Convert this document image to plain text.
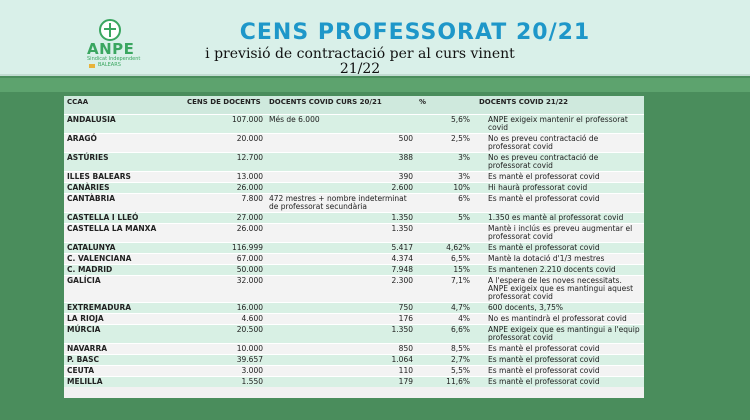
ANPE
Sindicat Independent
BALEARS
CENS PROFESSORAT 20/21
i previsió de contractació per al curs vinent 21/22
CCAA	CENS DE DOCENTS	DOCENTS COVID CURS 20/21	%	DOCENTS COVID 21/22
ANDALUSIA	107.000	Més de 6.000	5,6%	ANPE exigeix mantenir el professorat covid
ARAGÓ	20.000	500	2,5%	No es preveu contractació de professorat covid
ASTÚRIES	12.700	388	3%	No es preveu contractació de professorat covid
ILLES BALEARS	13.000	390	3%	Es mantè el professorat covid
CANÀRIES	26.000	2.600	10%	Hi haurà professorat covid
CANTÀBRIA	7.800	472 mestres + nombre indeterminat de professorat secundària	6%	Es mantè el professorat covid
CASTELLA I LLEÓ	27.000	1.350	5%	1.350 es mantè al professorat covid
CASTELLA LA MANXA	26.000	1.350		Mantè i inclús es preveu augmentar el professorat covid
CATALUNYA	116.999	5.417	4,62%	Es mantè el professorat covid
C. VALENCIANA	67.000	4.374	6,5%	Mantè la dotació d'1/3 mestres
C. MADRID	50.000	7.948	15%	Es mantenen 2.210 docents covid
GALÍCIA	32.000	2.300	7,1%	A l'espera de les noves necessitats. ANPE exigeix que es mantingui aquest professorat covid
EXTREMADURA	16.000	750	4,7%	600 docents, 3,75%
LA RIOJA	4.600	176	4%	No es mantindrà el professorat covid
MÚRCIA	20.500	1.350	6,6%	ANPE exigeix que es mantingui a l'equip professorat covid
NAVARRA	10.000	850	8,5%	Es mantè el professorat covid
P. BASC	39.657	1.064	2,7%	Es mantè el professorat covid
CEUTA	3.000	110	5,5%	Es mantè el professorat covid
MELILLA	1.550	179	11,6%	Es mantè el professorat covid
